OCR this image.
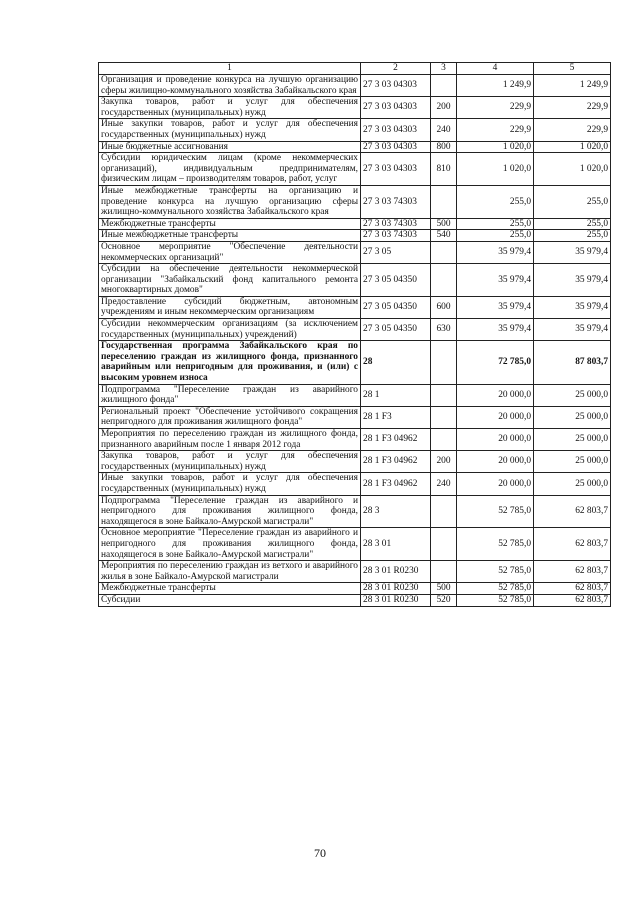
1	2	3	4	5
Организация и проведение конкурса на лучшую организацию сферы жилищно-коммунального хозяйства Забайкальского края	27 3 03 04303		1 249,9	1 249,9
Закупка товаров, работ и услуг для обеспечения государственных (муниципальных) нужд	27 3 03 04303	200	229,9	229,9
Иные закупки товаров, работ и услуг для обеспечения государственных (муниципальных) нужд	27 3 03 04303	240	229,9	229,9
Иные бюджетные ассигнования	27 3 03 04303	800	1 020,0	1 020,0
Субсидии юридическим лицам (кроме некоммерческих организаций), индивидуальным предпринимателям, физическим лицам – производителям товаров, работ, услуг	27 3 03 04303	810	1 020,0	1 020,0
Иные межбюджетные трансферты на организацию и проведение конкурса на лучшую организацию сферы жилищно-коммунального хозяйства Забайкальского края	27 3 03 74303		255,0	255,0
Межбюджетные трансферты	27 3 03 74303	500	255,0	255,0
Иные межбюджетные трансферты	27 3 03 74303	540	255,0	255,0
Основное мероприятие "Обеспечение деятельности некоммерческих организаций"	27 3 05		35 979,4	35 979,4
Субсидии на обеспечение деятельности некоммерческой организации "Забайкальский фонд капитального ремонта многоквартирных домов"	27 3 05 04350		35 979,4	35 979,4
Предоставление субсидий бюджетным, автономным учреждениям и иным некоммерческим организациям	27 3 05 04350	600	35 979,4	35 979,4
Субсидии некоммерческим организациям (за исключением государственных (муниципальных) учреждений)	27 3 05 04350	630	35 979,4	35 979,4
Государственная программа Забайкальского края по переселению граждан из жилищного фонда, признанного аварийным или непригодным для проживания, и (или) с высоким уровнем износа	28		72 785,0	87 803,7
Подпрограмма "Переселение граждан из аварийного жилищного фонда"	28 1		20 000,0	25 000,0
Региональный проект "Обеспечение устойчивого сокращения непригодного для проживания жилищного фонда"	28 1 F3		20 000,0	25 000,0
Мероприятия по переселению граждан из жилищного фонда, признанного аварийным после 1 января 2012 года	28 1 F3 04962		20 000,0	25 000,0
Закупка товаров, работ и услуг для обеспечения государственных (муниципальных) нужд	28 1 F3 04962	200	20 000,0	25 000,0
Иные закупки товаров, работ и услуг для обеспечения государственных (муниципальных) нужд	28 1 F3 04962	240	20 000,0	25 000,0
Подпрограмма "Переселение граждан из аварийного и непригодного для проживания жилищного фонда, находящегося в зоне Байкало-Амурской магистрали"	28 3		52 785,0	62 803,7
Основное мероприятие "Переселение граждан из аварийного и непригодного для проживания жилищного фонда, находящегося в зоне Байкало-Амурской магистрали"	28 3 01		52 785,0	62 803,7
Мероприятия по переселению граждан из ветхого и аварийного жилья в зоне Байкало-Амурской магистрали	28 3 01 R0230		52 785,0	62 803,7
Межбюджетные трансферты	28 3 01 R0230	500	52 785,0	62 803,7
Субсидии	28 3 01 R0230	520	52 785,0	62 803,7
70
